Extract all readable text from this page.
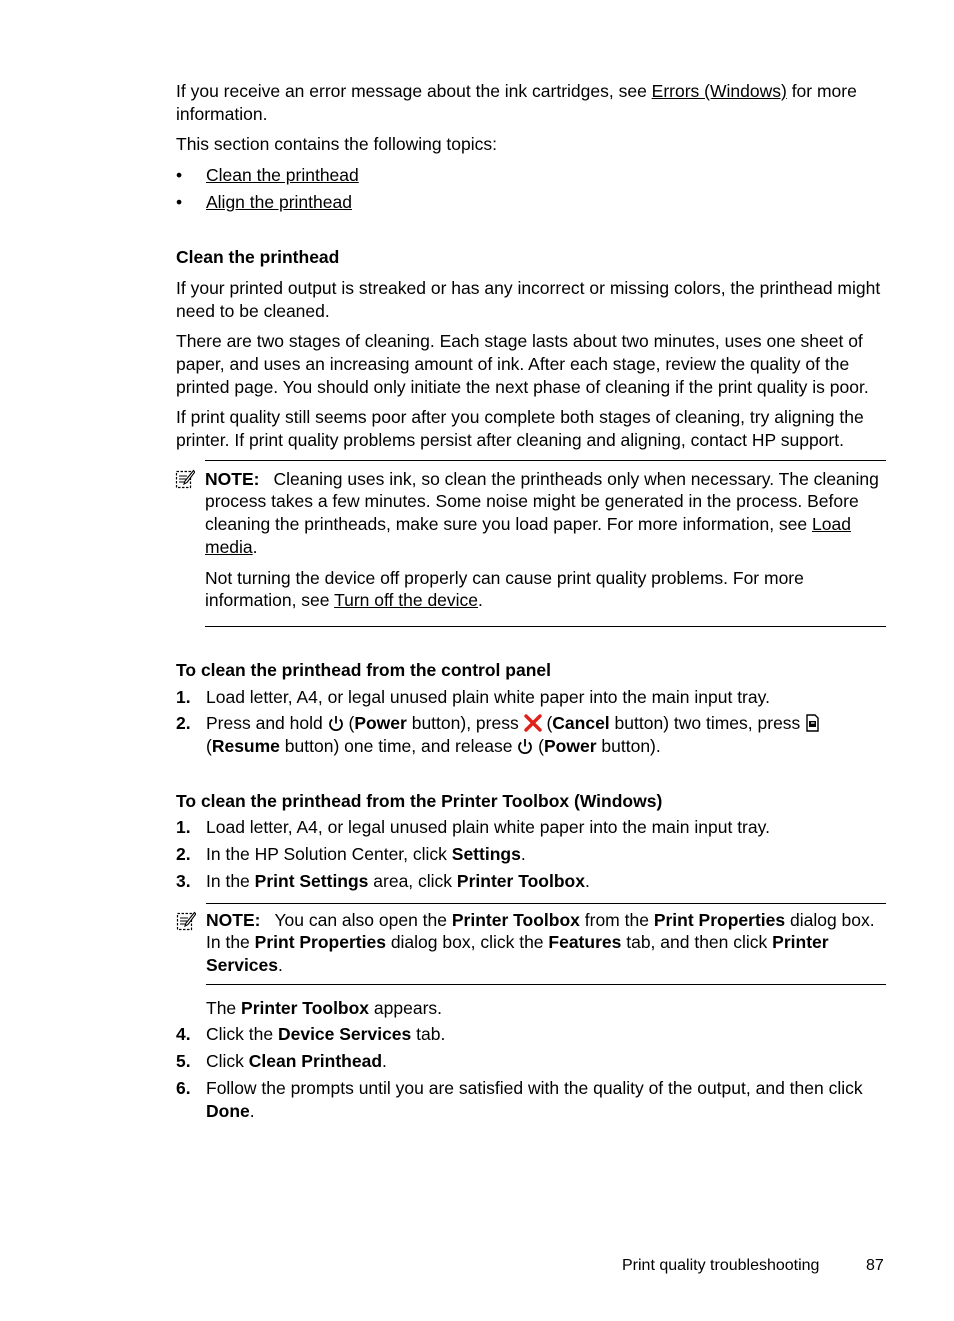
If you receive an error message about the ink cartridges, see Errors (Windows) for more information.

This section contains the following topics:

• Clean the printhead
• Align the printhead
Clean the printhead

If your printed output is streaked or has any incorrect or missing colors, the printhead might need to be cleaned.

There are two stages of cleaning. Each stage lasts about two minutes, uses one sheet of paper, and uses an increasing amount of ink. After each stage, review the quality of the printed page. You should only initiate the next phase of cleaning if the print quality is poor.

If print quality still seems poor after you complete both stages of cleaning, try aligning the printer. If print quality problems persist after cleaning and aligning, contact HP support.

NOTE: Cleaning uses ink, so clean the printheads only when necessary. The cleaning process takes a few minutes. Some noise might be generated in the process. Before cleaning the printheads, make sure you load paper. For more information, see Load media.

Not turning the device off properly can cause print quality problems. For more information, see Turn off the device.

To clean the printhead from the control panel
1. Load letter, A4, or legal unused plain white paper into the main input tray.
2. Press and hold  (Power button), press  (Cancel button) two times, press  (Resume button) one time, and release  (Power button).
To clean the printhead from the Printer Toolbox (Windows)
1. Load letter, A4, or legal unused plain white paper into the main input tray.
2. In the HP Solution Center, click Settings.
3. In the Print Settings area, click Printer Toolbox.

NOTE: You can also open the Printer Toolbox from the Print Properties dialog box. In the Print Properties dialog box, click the Features tab, and then click Printer Services.

The Printer Toolbox appears.

4. Click the Device Services tab.
5. Click Clean Printhead.
6. Follow the prompts until you are satisfied with the quality of the output, and then click Done.
Print quality troubleshooting	87
